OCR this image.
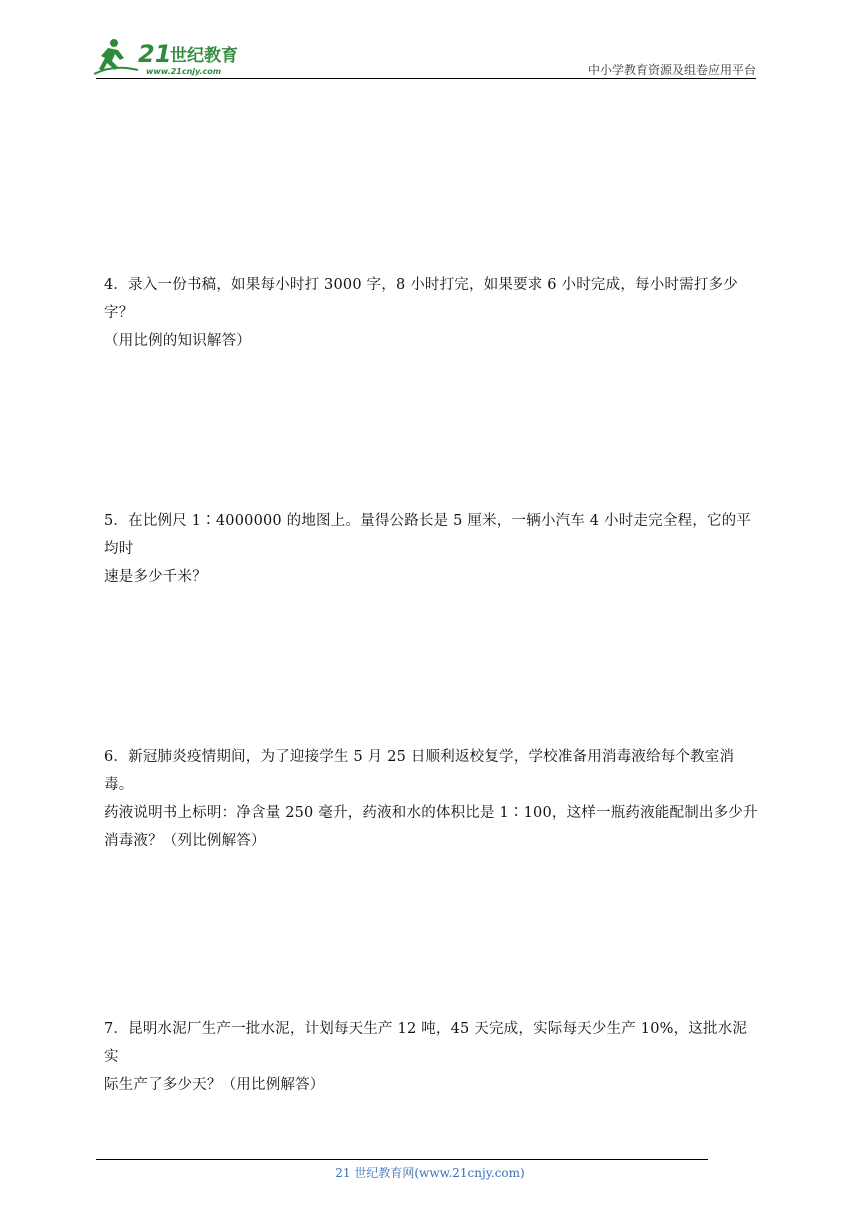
21
世纪教育
www.21cnjy.com	中小学教育资源及组卷应用平台

4．录入一份书稿，如果每小时打 3000 字，8 小时打完，如果要求 6 小时完成，每小时需打多少字？

（用比例的知识解答）

5．在比例尺 1∶4000000 的地图上。量得公路长是 5 厘米，一辆小汽车 4 小时走完全程，它的平均时

速是多少千米？

6．新冠肺炎疫情期间，为了迎接学生 5 月 25 日顺利返校复学，学校准备用消毒液给每个教室消毒。

药液说明书上标明：净含量 250 毫升，药液和水的体积比是 1∶100，这样一瓶药液能配制出多少升

消毒液？（列比例解答）

7．昆明水泥厂生产一批水泥，计划每天生产 12 吨，45 天完成，实际每天少生产 10%，这批水泥实

际生产了多少天？（用比例解答）

21 世纪教育网(www.21cnjy.com)
